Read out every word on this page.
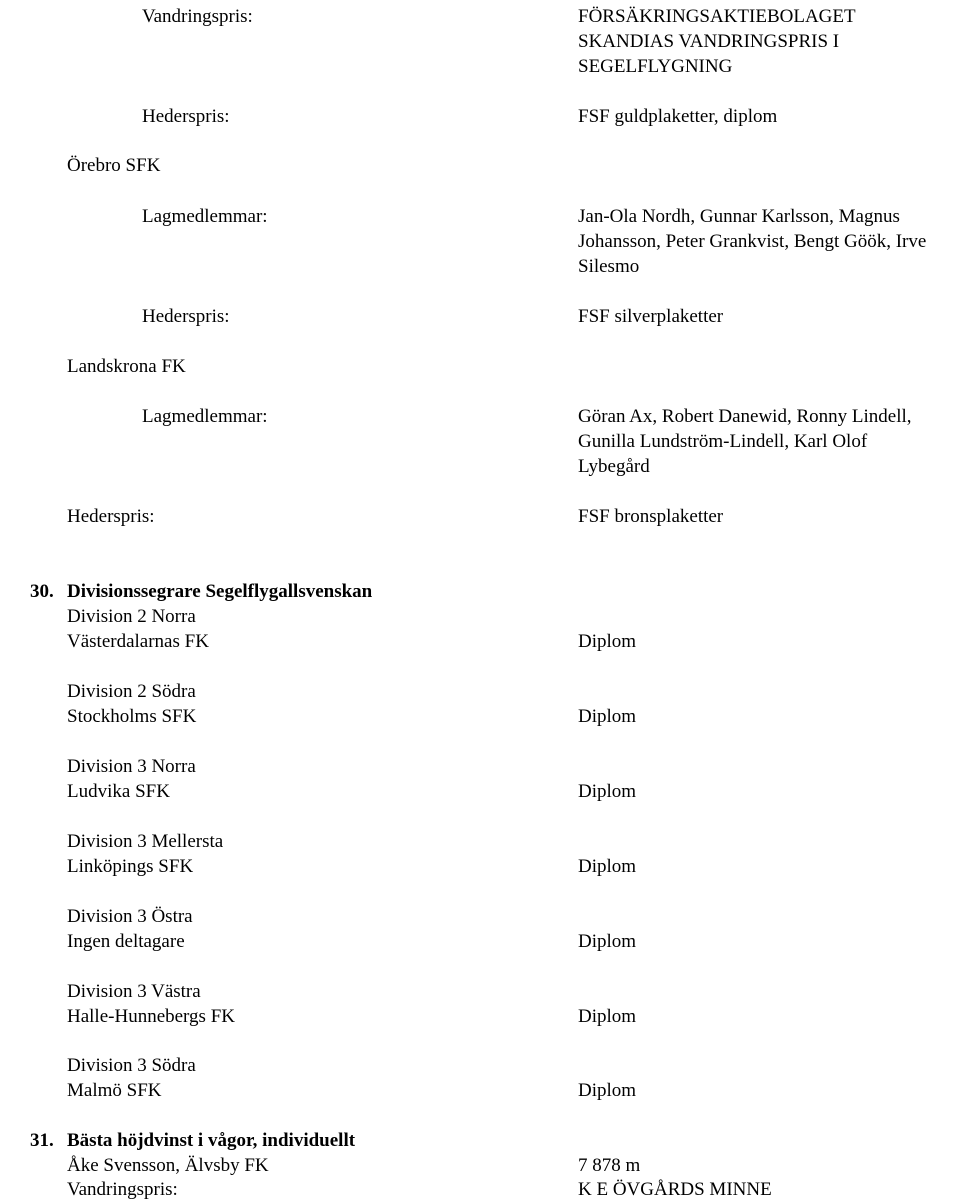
Vandringspris:	FÖRSÄKRINGSAKTIEBOLAGET
SKANDIAS VANDRINGSPRIS I
SEGELFLYGNING
Hederspris:	FSF guldplaketter, diplom
Örebro SFK
Lagmedlemmar:	Jan-Ola Nordh, Gunnar Karlsson, Magnus
Johansson, Peter Grankvist, Bengt Göök, Irve
Silesmo
Hederspris:	FSF silverplaketter
Landskrona FK
Lagmedlemmar:	Göran Ax, Robert Danewid, Ronny Lindell,
Gunilla Lundström-Lindell, Karl Olof
Lybegård
Hederspris:	FSF bronsplaketter
30. Divisionssegrare Segelflygallsvenskan
Division 2 Norra
Västerdalarnas FK	Diplom
Division 2 Södra
Stockholms SFK	Diplom
Division 3 Norra
Ludvika SFK	Diplom
Division 3 Mellersta
Linköpings SFK	Diplom
Division 3 Östra
Ingen deltagare	Diplom
Division 3 Västra
Halle-Hunnebergs FK	Diplom
Division 3 Södra
Malmö SFK	Diplom
31. Bästa höjdvinst i vågor, individuellt
Åke Svensson, Älvsby FK	7 878 m
Vandringspris:	K E ÖVGÅRDS MINNE
